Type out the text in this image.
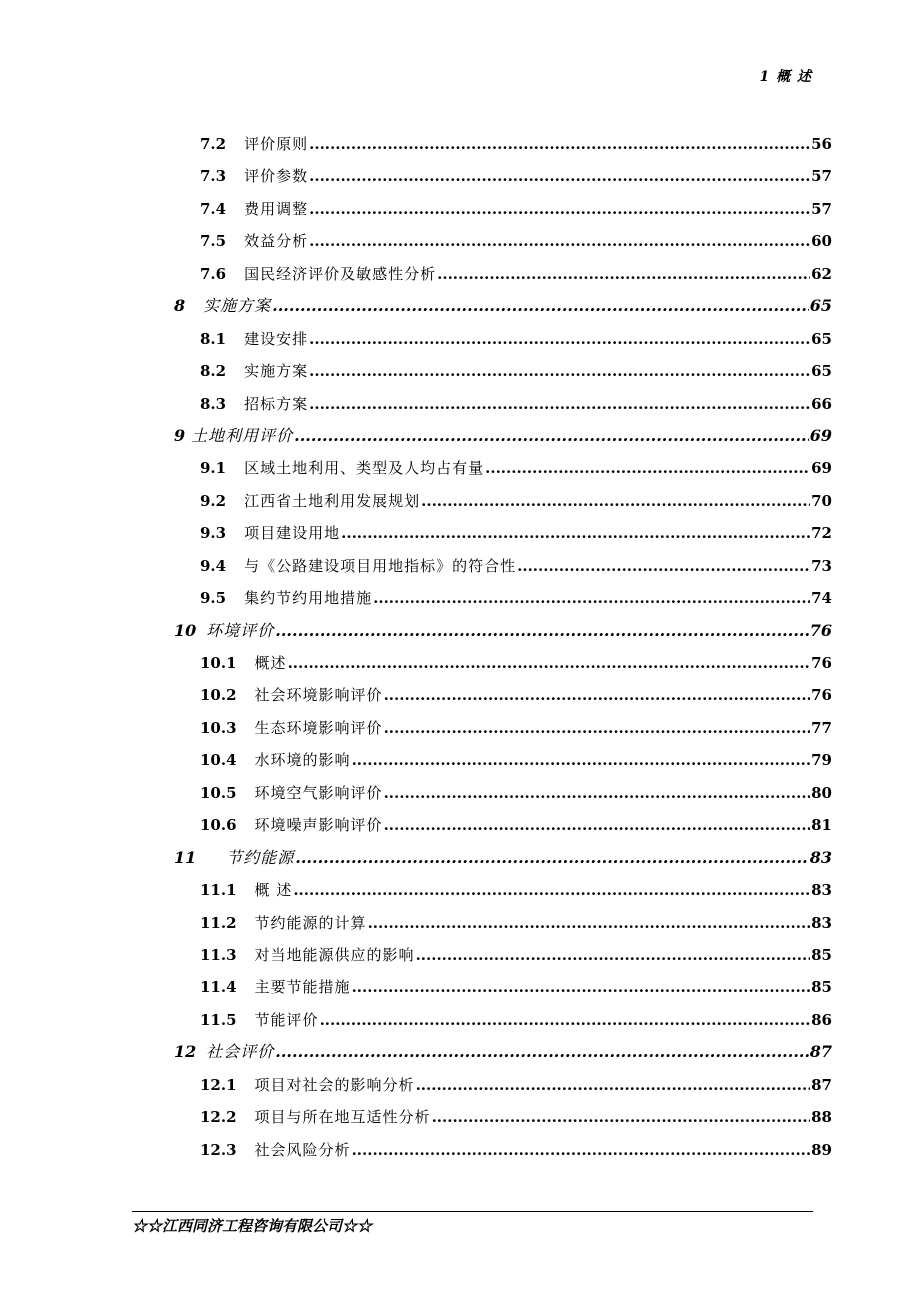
1 概 述
7.2 评价原则 .....	56
7.3 评价参数 .....	57
7.4 费用调整 .....	57
7.5 效益分析 .....	60
7.6 国民经济评价及敏感性分析 .....	62
8 实施方案 .....	65
8.1 建设安排 .....	65
8.2 实施方案 .....	65
8.3 招标方案 .....	66
9 土地利用评价 .....	69
9.1 区域土地利用、类型及人均占有量 .....	69
9.2 江西省土地利用发展规划 .....	70
9.3 项目建设用地 .....	72
9.4 与《公路建设项目用地指标》的符合性 .....	73
9.5 集约节约用地措施 .....	74
10 环境评价 .....	76
10.1 概述 .....	76
10.2 社会环境影响评价 .....	76
10.3 生态环境影响评价 .....	77
10.4 水环境的影响 .....	79
10.5 环境空气影响评价 .....	80
10.6 环境噪声影响评价 .....	81
11 节约能源 .....	83
11.1 概 述 .....	83
11.2 节约能源的计算 .....	83
11.3 对当地能源供应的影响 .....	85
11.4 主要节能措施 .....	85
11.5 节能评价 .....	86
12 社会评价 .....	87
12.1 项目对社会的影响分析 .....	87
12.2 项目与所在地互适性分析 .....	88
12.3 社会风险分析 .....	89
☆☆江西同济工程咨询有限公司☆☆
